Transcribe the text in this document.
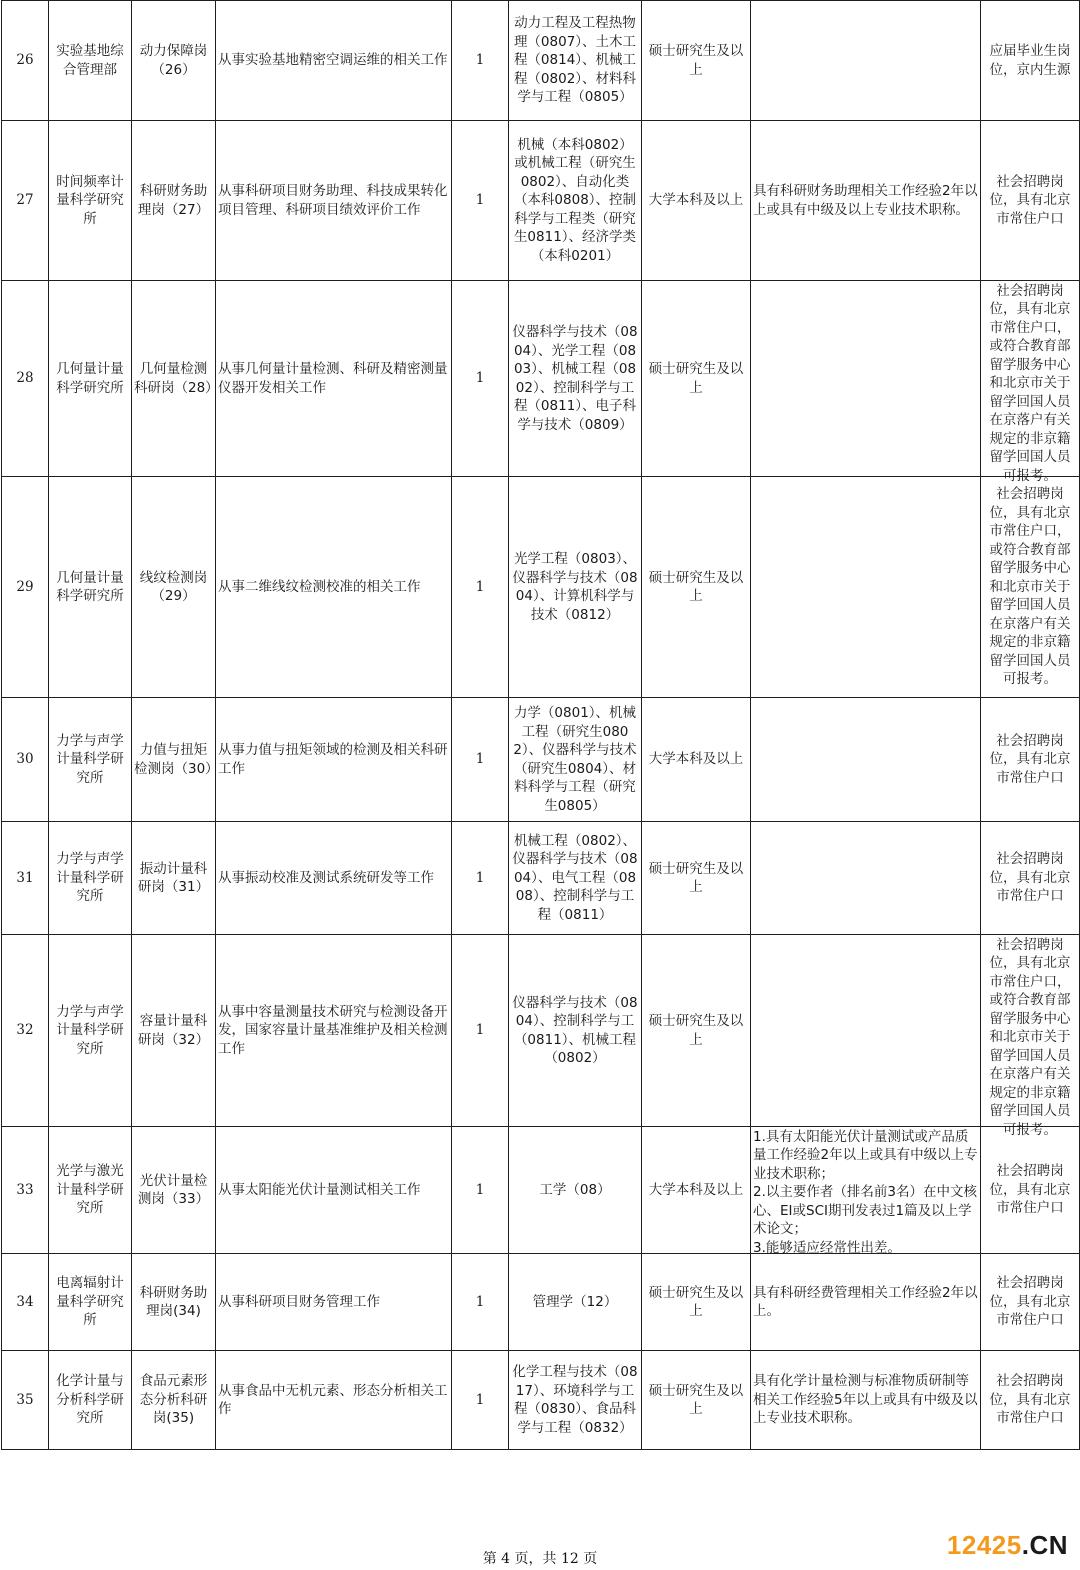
26	实验基地综合管理部	动力保障岗（26）	从事实验基地精密空调运维的相关工作	1	动力工程及工程热物理（0807）、土木工程（0814）、机械工程（0802）、材料科学与工程（0805）	硕士研究生及以上		应届毕业生岗位，京内生源

27	时间频率计量科学研究所	科研财务助理岗（27）	从事科研项目财务助理、科技成果转化项目管理、科研项目绩效评价工作	1	机械（本科0802）或机械工程（研究生0802）、自动化类（本科0808）、控制科学与工程类（研究生0811）、经济学类（本科0201）	大学本科及以上	具有科研财务助理相关工作经验2年以上或具有中级及以上专业技术职称。	社会招聘岗位，具有北京市常住户口

28	几何量计量科学研究所	几何量检测科研岗（28）	从事几何量计量检测、科研及精密测量仪器开发相关工作	1	仪器科学与技术（0804）、光学工程（0803）、机械工程（0802）、控制科学与工程（0811）、电子科学与技术（0809）	硕士研究生及以上		社会招聘岗位，具有北京市常住户口，或符合教育部留学服务中心和北京市关于留学回国人员在京落户有关规定的非京籍留学回国人员可报考。

29	几何量计量科学研究所	线纹检测岗（29）	从事二维线纹检测校准的相关工作	1	光学工程（0803）、仪器科学与技术（0804）、计算机科学与技术（0812）	硕士研究生及以上		社会招聘岗位，具有北京市常住户口，或符合教育部留学服务中心和北京市关于留学回国人员在京落户有关规定的非京籍留学回国人员可报考。

30	力学与声学计量科学研究所	力值与扭矩检测岗（30）	从事力值与扭矩领域的检测及相关科研工作	1	力学（0801）、机械工程（研究生0802）、仪器科学与技术（研究生0804）、材料科学与工程（研究生0805）	大学本科及以上		社会招聘岗位，具有北京市常住户口

31	力学与声学计量科学研究所	振动计量科研岗（31）	从事振动校准及测试系统研发等工作	1	机械工程（0802）、仪器科学与技术（0804）、电气工程（0808）、控制科学与工程（0811）	硕士研究生及以上		社会招聘岗位，具有北京市常住户口

32	力学与声学计量科学研究所	容量计量科研岗（32）	从事中容量测量技术研究与检测设备开发，国家容量计量基准维护及相关检测工作	1	仪器科学与技术（0804）、控制科学与工（0811）、机械工程（0802）	硕士研究生及以上		社会招聘岗位，具有北京市常住户口，或符合教育部留学服务中心和北京市关于留学回国人员在京落户有关规定的非京籍留学回国人员可报考。

33	光学与激光计量科学研究所	光伏计量检测岗（33）	从事太阳能光伏计量测试相关工作	1	工学（08）	大学本科及以上	1.具有太阳能光伏计量测试或产品质量工作经验2年以上或具有中级以上专业技术职称；
2.以主要作者（排名前3名）在中文核心、EI或SCI期刊发表过1篇及以上学术论文；
3.能够适应经常性出差。	社会招聘岗位，具有北京市常住户口

34	电离辐射计量科学研究所	科研财务助理岗(34)	从事科研项目财务管理工作	1	管理学（12）	硕士研究生及以上	具有科研经费管理相关工作经验2年以上。	社会招聘岗位，具有北京市常住户口

35	化学计量与分析科学研究所	食品元素形态分析科研岗(35)	从事食品中无机元素、形态分析相关工作	1	化学工程与技术（0817）、环境科学与工程（0830）、食品科学与工程（0832）	硕士研究生及以上	具有化学计量检测与标准物质研制等相关工作经验5年以上或具有中级及以上专业技术职称。	社会招聘岗位，具有北京市常住户口
第 4 页，共 12 页	12425.CN
